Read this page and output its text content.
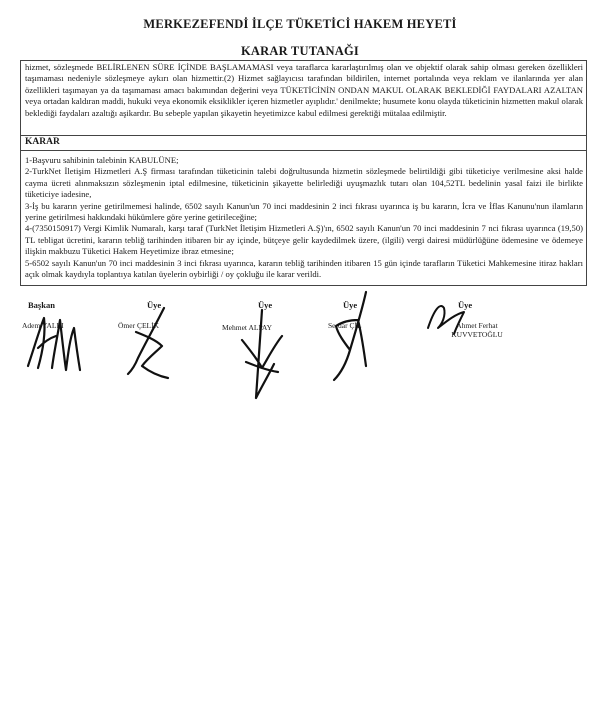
MERKEZEFENDİ İLÇE TÜKETİCİ HAKEM HEYETİ
KARAR TUTANAĞI
hizmet, sözleşmede BELİRLENEN SÜRE İÇİNDE BAŞLAMAMASI veya taraflarca kararlaştırılmış olan ve objektif olarak sahip olması gereken özellikleri taşımaması nedeniyle sözleşmeye aykırı olan hizmettir.(2) Hizmet sağlayıcısı tarafından bildirilen, internet portalında veya reklam ve ilanlarında yer alan özellikleri taşımayan ya da taşımaması amacı bakımından değerini veya TÜKETİCİNİN ONDAN MAKUL OLARAK BEKLEDİĞİ FAYDALARI AZALTAN veya ortadan kaldıran maddi, hukuki veya ekonomik eksiklikler içeren hizmetler ayıplıdır.' denilmekte; husumete konu olayda tüketicinin hizmetten makul olarak beklediği faydaları azaltığı aşikardır. Bu sebeple yapılan şikayetin heyetimizce kabul edilmesi gerektiği mütalaa edilmiştir.
KARAR

1-Başvuru sahibinin talebinin KABULÜNE;

2-TurkNet İletişim Hizmetleri A.Ş firması tarafından tüketicinin talebi doğrultusunda hizmetin sözleşmede belirtildiği gibi tüketiciye verilmesine aksi halde cayma ücreti alınmaksızın sözleşmenin iptal edilmesine, tüketicinin şikayette belirlediği uyuşmazlık tutarı olan 104,52TL bedelinin yasal faizi ile birlikte tüketiciye iadesine,

3-İş bu kararın yerine getirilmemesi halinde, 6502 sayılı Kanun'un 70 inci maddesinin 2 inci fıkrası uyarınca iş bu kararın, İcra ve İflas Kanunu'nun ilamların yerine getirilmesi hakkındaki hükümlere göre yerine getirileceğine;

4-(7350150917) Vergi Kimlik Numaralı, karşı taraf (TurkNet İletişim Hizmetleri A.Ş)'ın, 6502 sayılı Kanun'un 70 inci maddesinin 7 nci fıkrası uyarınca (19,50) TL tebligat ücretini, kararın tebliğ tarihinden itibaren bir ay içinde, bütçeye gelir kaydedilmek üzere, (ilgili) vergi dairesi müdürlüğüne ödemesine ve ödemeye ilişkin makbuzu Tüketici Hakem Heyetimize ibraz etmesine;

5-6502 sayılı Kanun'un 70 inci maddesinin 3 inci fıkrası uyarınca, kararın tebliğ tarihinden itibaren 15 gün içinde tarafların Tüketici Mahkemesine itiraz hakları açık olmak kaydıyla toplantıya katılan üyelerin oybirliği / oy çokluğu ile karar verildi.

Başkan
Adem YALLI
Üye
Ömer ÇELİK
Üye
Mehmet ALPAY
Üye
Serdar ÇİL
Üye
Ahmet Ferhat KUVVETOĞLU
